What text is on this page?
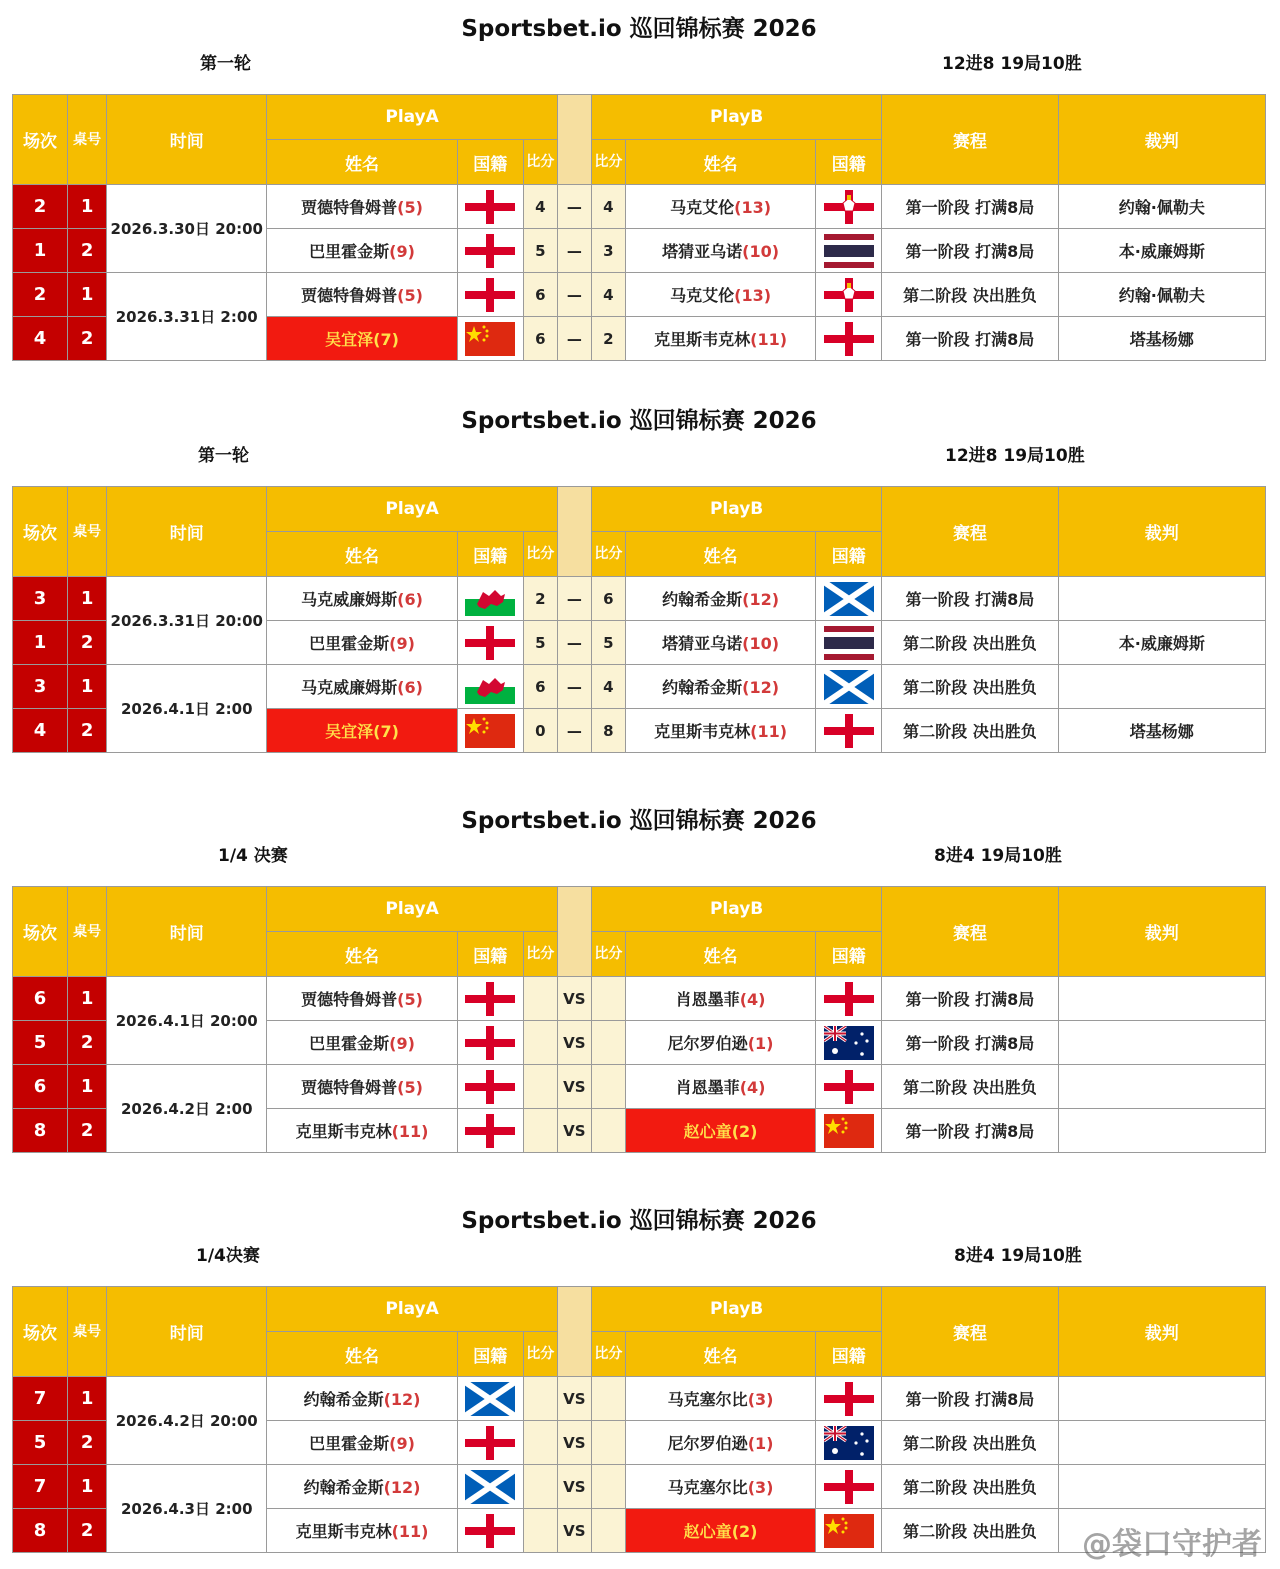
Sportsbet.io 巡回锦标赛 2026
第一轮	12进8 19局10胜
场次	桌号	时间	PlayA				PlayB			赛程	裁判
			姓名	国籍	比分		比分	姓名	国籍		
2	1	2026.3.30日 20:00	贾德特鲁姆普(5)		4	—	4	马克艾伦(13)		第一阶段 打满8局	约翰·佩勒夫
1	2		巴里霍金斯(9)		5	—	3	塔猜亚乌诺(10)		第一阶段 打满8局	本·威廉姆斯
2	1	2026.3.31日 2:00	贾德特鲁姆普(5)		6	—	4	马克艾伦(13)		第二阶段 决出胜负	约翰·佩勒夫
4	2		吴宜泽(7)		6	—	2	克里斯韦克林(11)		第一阶段 打满8局	塔基杨娜
Sportsbet.io 巡回锦标赛 2026
第一轮	12进8 19局10胜
场次	桌号	时间	PlayA				PlayB			赛程	裁判
			姓名	国籍	比分		比分	姓名	国籍		
3	1	2026.3.31日 20:00	马克威廉姆斯(6)		2	—	6	约翰希金斯(12)		第一阶段 打满8局	
1	2		巴里霍金斯(9)		5	—	5	塔猜亚乌诺(10)		第二阶段 决出胜负	本·威廉姆斯
3	1	2026.4.1日 2:00	马克威廉姆斯(6)		6	—	4	约翰希金斯(12)		第二阶段 决出胜负	
4	2		吴宜泽(7)		0	—	8	克里斯韦克林(11)		第二阶段 决出胜负	塔基杨娜
Sportsbet.io 巡回锦标赛 2026
1/4 决赛	8进4 19局10胜
场次	桌号	时间	PlayA				PlayB			赛程	裁判
			姓名	国籍	比分		比分	姓名	国籍		
6	1	2026.4.1日 20:00	贾德特鲁姆普(5)			VS		肖恩墨菲(4)		第一阶段 打满8局	
5	2		巴里霍金斯(9)			VS		尼尔罗伯逊(1)		第一阶段 打满8局	
6	1	2026.4.2日 2:00	贾德特鲁姆普(5)			VS		肖恩墨菲(4)		第二阶段 决出胜负	
8	2		克里斯韦克林(11)			VS		赵心童(2)		第一阶段 打满8局	
Sportsbet.io 巡回锦标赛 2026
1/4决赛	8进4 19局10胜
场次	桌号	时间	PlayA				PlayB			赛程	裁判
			姓名	国籍	比分		比分	姓名	国籍		
7	1	2026.4.2日 20:00	约翰希金斯(12)			VS		马克塞尔比(3)		第一阶段 打满8局	
5	2		巴里霍金斯(9)			VS		尼尔罗伯逊(1)		第二阶段 决出胜负	
7	1	2026.4.3日 2:00	约翰希金斯(12)			VS		马克塞尔比(3)		第二阶段 决出胜负	
8	2		克里斯韦克林(11)			VS		赵心童(2)		第二阶段 决出胜负	@袋口守护者
